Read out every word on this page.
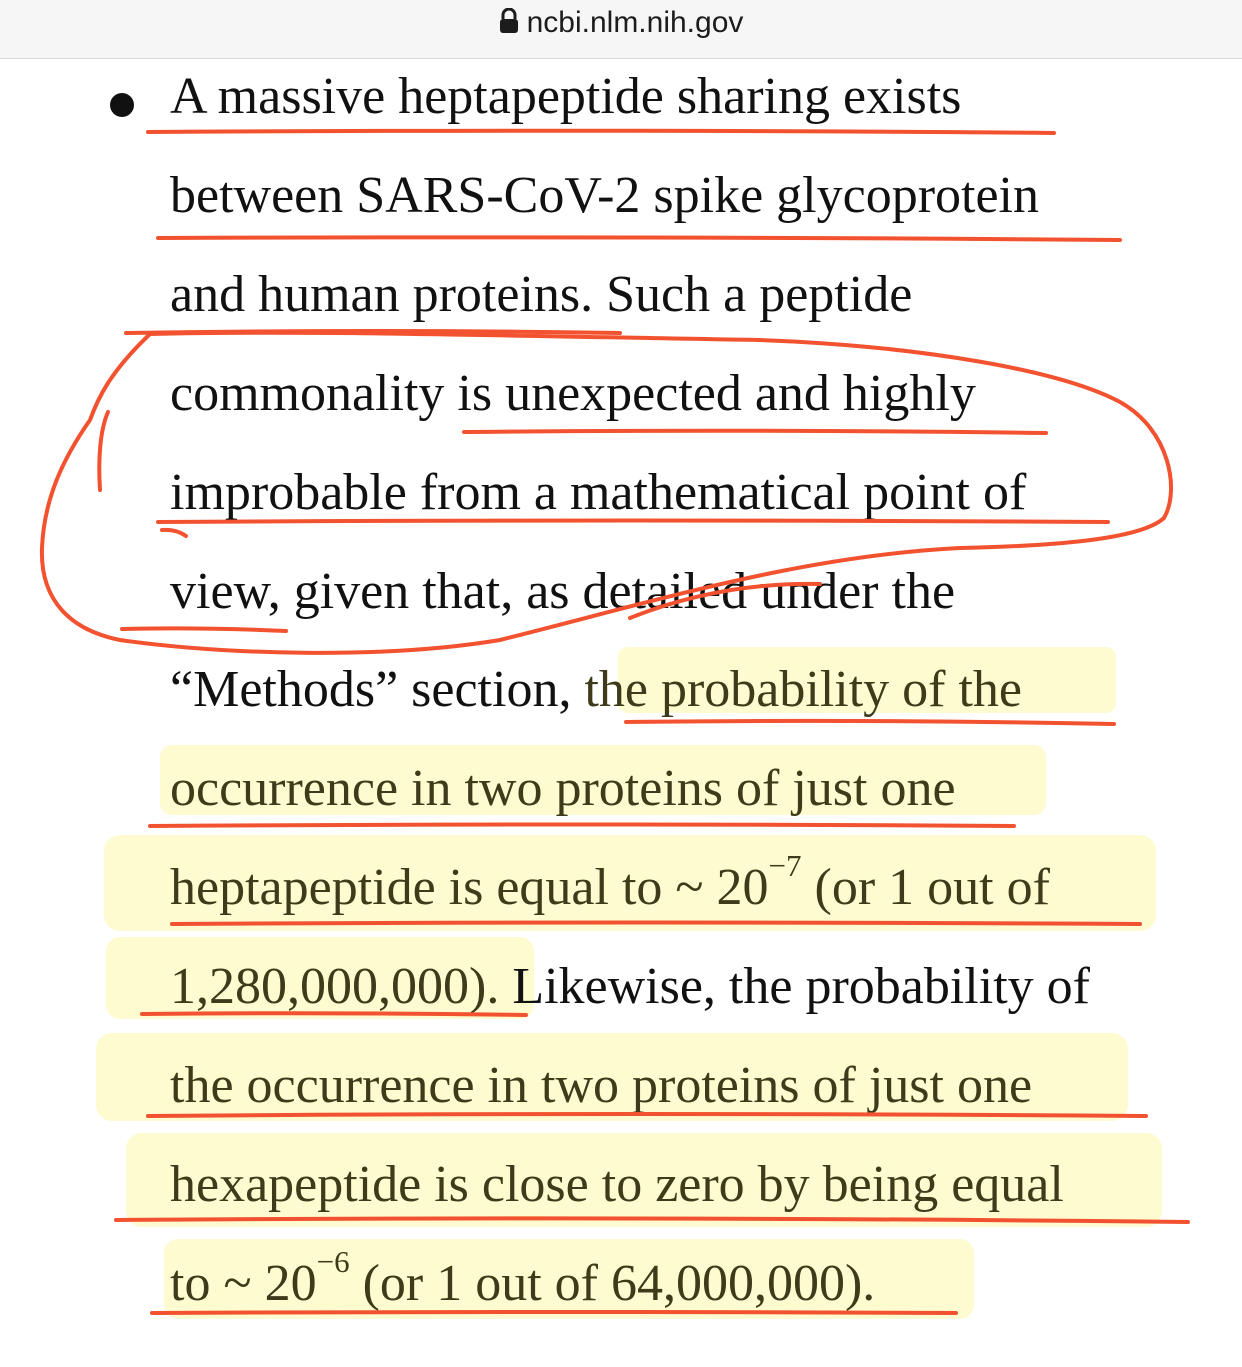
ncbi.nlm.nih.gov
A massive heptapeptide sharing exists
between SARS-CoV-2 spike glycoprotein
and human proteins. Such a peptide
commonality is unexpected and highly
improbable from a mathematical point of
view, given that, as detailed under the
“Methods” section, the probability of the
occurrence in two proteins of just one
heptapeptide is equal to ~ $20^{-7}$ (or 1 out of
1,280,000,000). Likewise, the probability of
the occurrence in two proteins of just one
hexapeptide is close to zero by being equal
to ~ $20^{-6}$ (or 1 out of 64,000,000).
